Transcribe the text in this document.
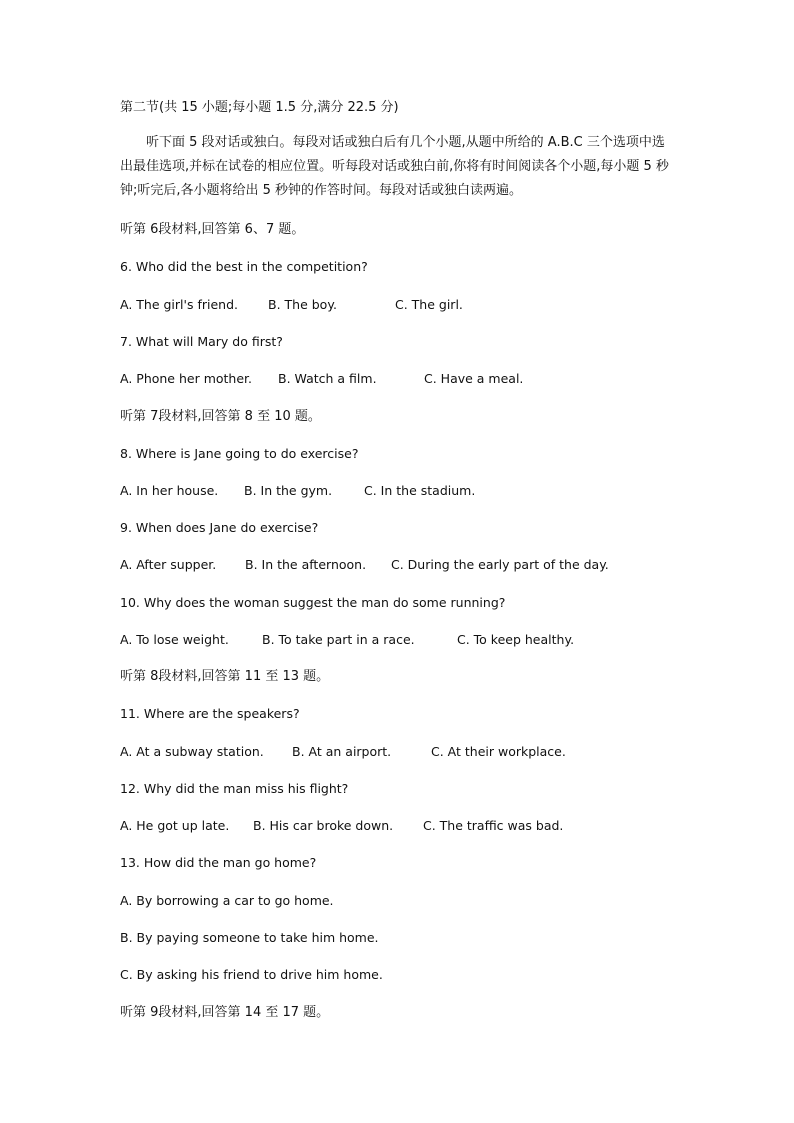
第二节(共 15 小题;每小题 1.5 分,满分 22.5 分)
听下面 5 段对话或独白。每段对话或独白后有几个小题,从题中所给的 A.B.C 三个选项中选出最佳选项,并标在试卷的相应位置。听每段对话或独白前,你将有时间阅读各个小题,每小题 5 秒钟;听完后,各小题将给出 5 秒钟的作答时间。每段对话或独白读两遍。
听第 6段材料,回答第 6、7 题。
6. Who did the best in the competition?
A. The girl's friend. B. The boy.	C. The girl.
7. What will Mary do first?
A. Phone her mother. B. Watch a film.	C. Have a meal.
听第 7段材料,回答第 8 至 10 题。
8. Where is Jane going to do exercise?
A. In her house. B. In the gym.	C. In the stadium.
9. When does Jane do exercise?
A. After supper. B. In the afternoon. C. During the early part of the day.
10. Why does the woman suggest the man do some running?
A. To lose weight.	B. To take part in a race.	C. To keep healthy.
听第 8段材料,回答第 11 至 13 题。
11. Where are the speakers?
A. At a subway station. B. At an airport.	C. At their workplace.
12. Why did the man miss his flight?
A. He got up late. B. His car broke down. C. The traffic was bad.
13. How did the man go home?
A. By borrowing a car to go home.
B. By paying someone to take him home.
C. By asking his friend to drive him home.
听第 9段材料,回答第 14 至 17 题。
